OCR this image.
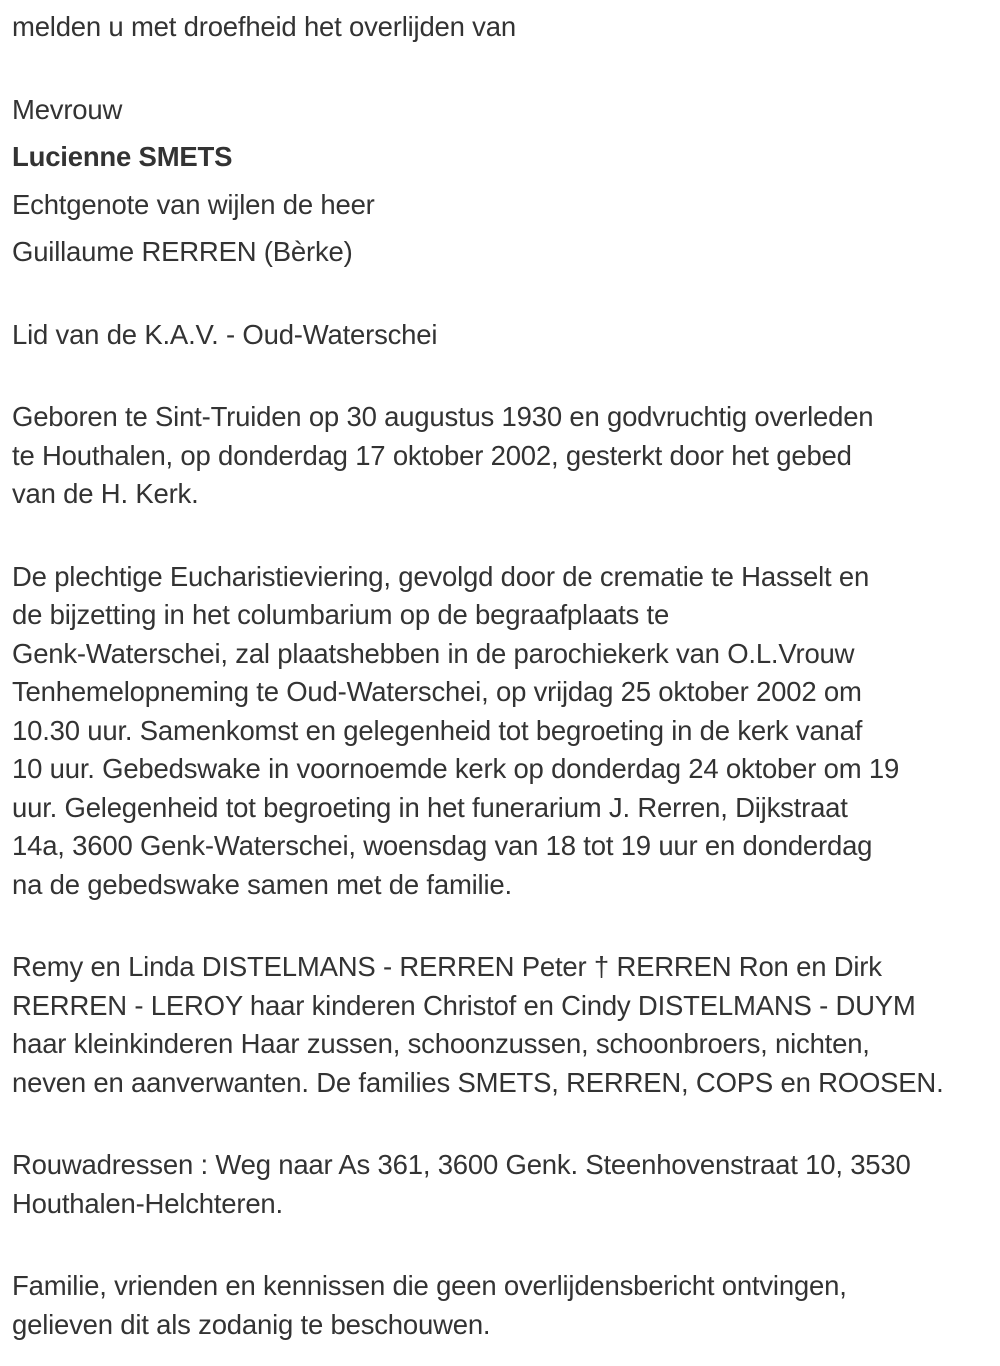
melden u met droefheid het overlijden van
Mevrouw
Lucienne SMETS
Echtgenote van wijlen de heer
Guillaume RERREN (Bèrke)
Lid van de K.A.V. - Oud-Waterschei
Geboren te Sint-Truiden op 30 augustus 1930 en godvruchtig overleden
te Houthalen, op donderdag 17 oktober 2002, gesterkt door het gebed
van de H. Kerk.
De plechtige Eucharistieviering, gevolgd door de crematie te Hasselt en
de bijzetting in het columbarium op de begraafplaats te
Genk-Waterschei, zal plaatshebben in de parochiekerk van O.L.Vrouw
Tenhemelopneming te Oud-Waterschei, op vrijdag 25 oktober 2002 om
10.30 uur. Samenkomst en gelegenheid tot begroeting in de kerk vanaf
10 uur. Gebedswake in voornoemde kerk op donderdag 24 oktober om 19
uur. Gelegenheid tot begroeting in het funerarium J. Rerren, Dijkstraat
14a, 3600 Genk-Waterschei, woensdag van 18 tot 19 uur en donderdag
na de gebedswake samen met de familie.
Remy en Linda DISTELMANS - RERREN Peter † RERREN Ron en Dirk
RERREN - LEROY haar kinderen Christof en Cindy DISTELMANS - DUYM
haar kleinkinderen Haar zussen, schoonzussen, schoonbroers, nichten,
neven en aanverwanten. De families SMETS, RERREN, COPS en ROOSEN.
Rouwadressen : Weg naar As 361, 3600 Genk. Steenhovenstraat 10, 3530
Houthalen-Helchteren.
Familie, vrienden en kennissen die geen overlijdensbericht ontvingen,
gelieven dit als zodanig te beschouwen.
